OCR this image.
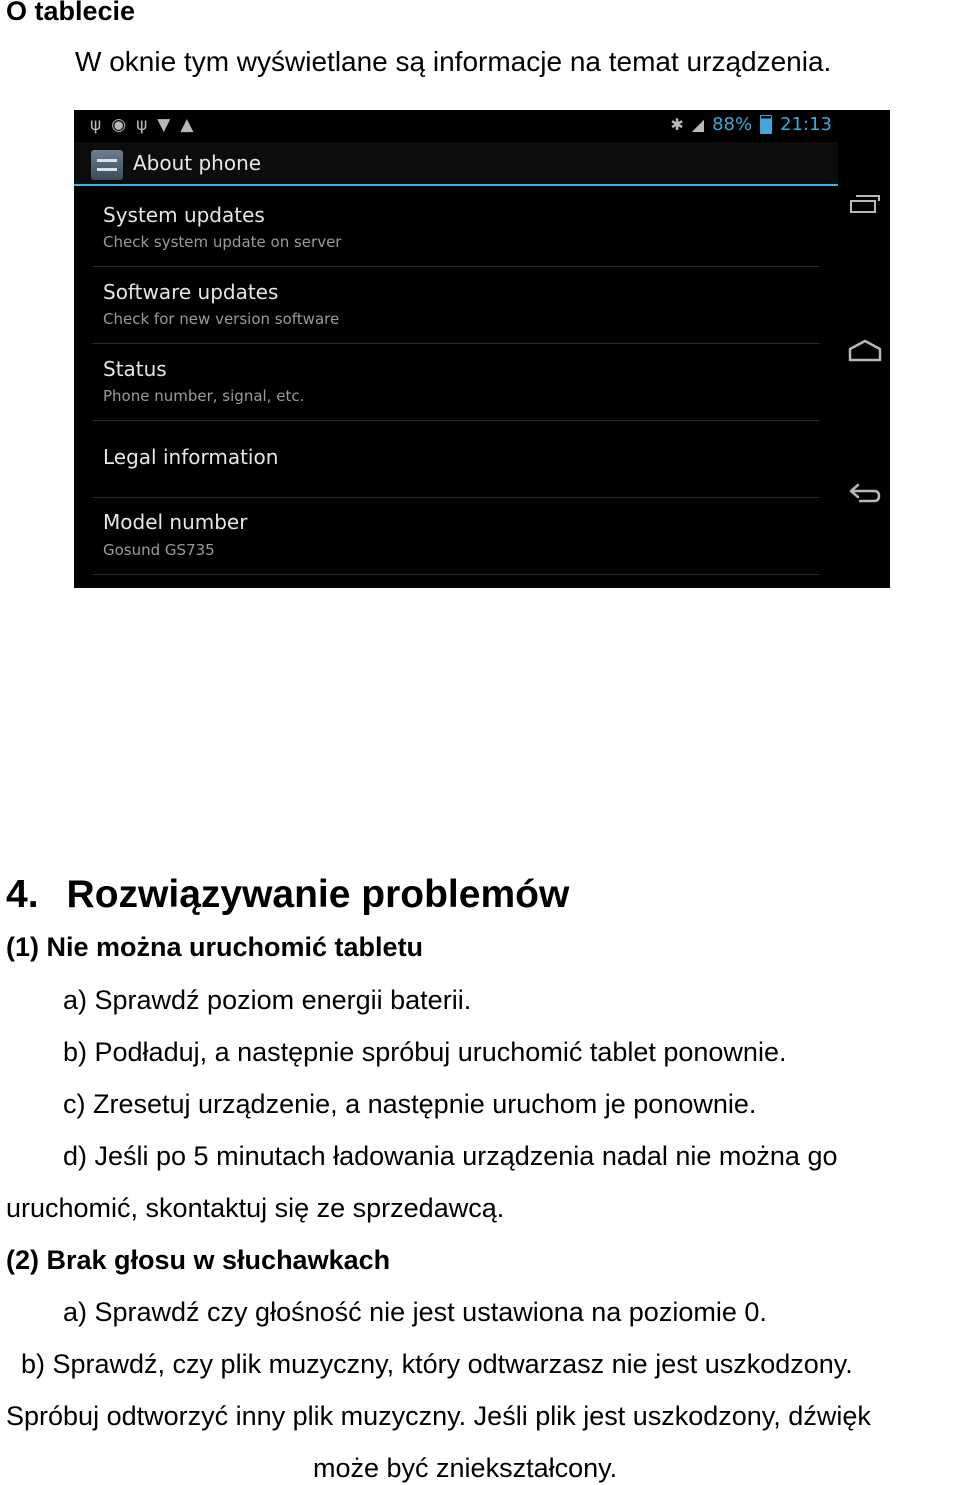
O tablecie
W oknie tym wyświetlane są informacje na temat urządzenia.
ψ ◉ ψ ▼ ▲	✱ ◢ 88% 21:13
About phone
System updates
Check system update on server
Software updates
Check for new version software
Status
Phone number, signal, etc.
Legal information
Model number
Gosund GS735
4. Rozwiązywanie problemów
(1) Nie można uruchomić tabletu
a) Sprawdź poziom energii baterii.
b) Podładuj, a następnie spróbuj uruchomić tablet ponownie.
c) Zresetuj urządzenie, a następnie uruchom je ponownie.
d) Jeśli po 5 minutach ładowania urządzenia nadal nie można go
uruchomić, skontaktuj się ze sprzedawcą.
(2) Brak głosu w słuchawkach
a) Sprawdź czy głośność nie jest ustawiona na poziomie 0.
b) Sprawdź, czy plik muzyczny, który odtwarzasz nie jest uszkodzony.
Spróbuj odtworzyć inny plik muzyczny. Jeśli plik jest uszkodzony, dźwięk
może być zniekształcony.
